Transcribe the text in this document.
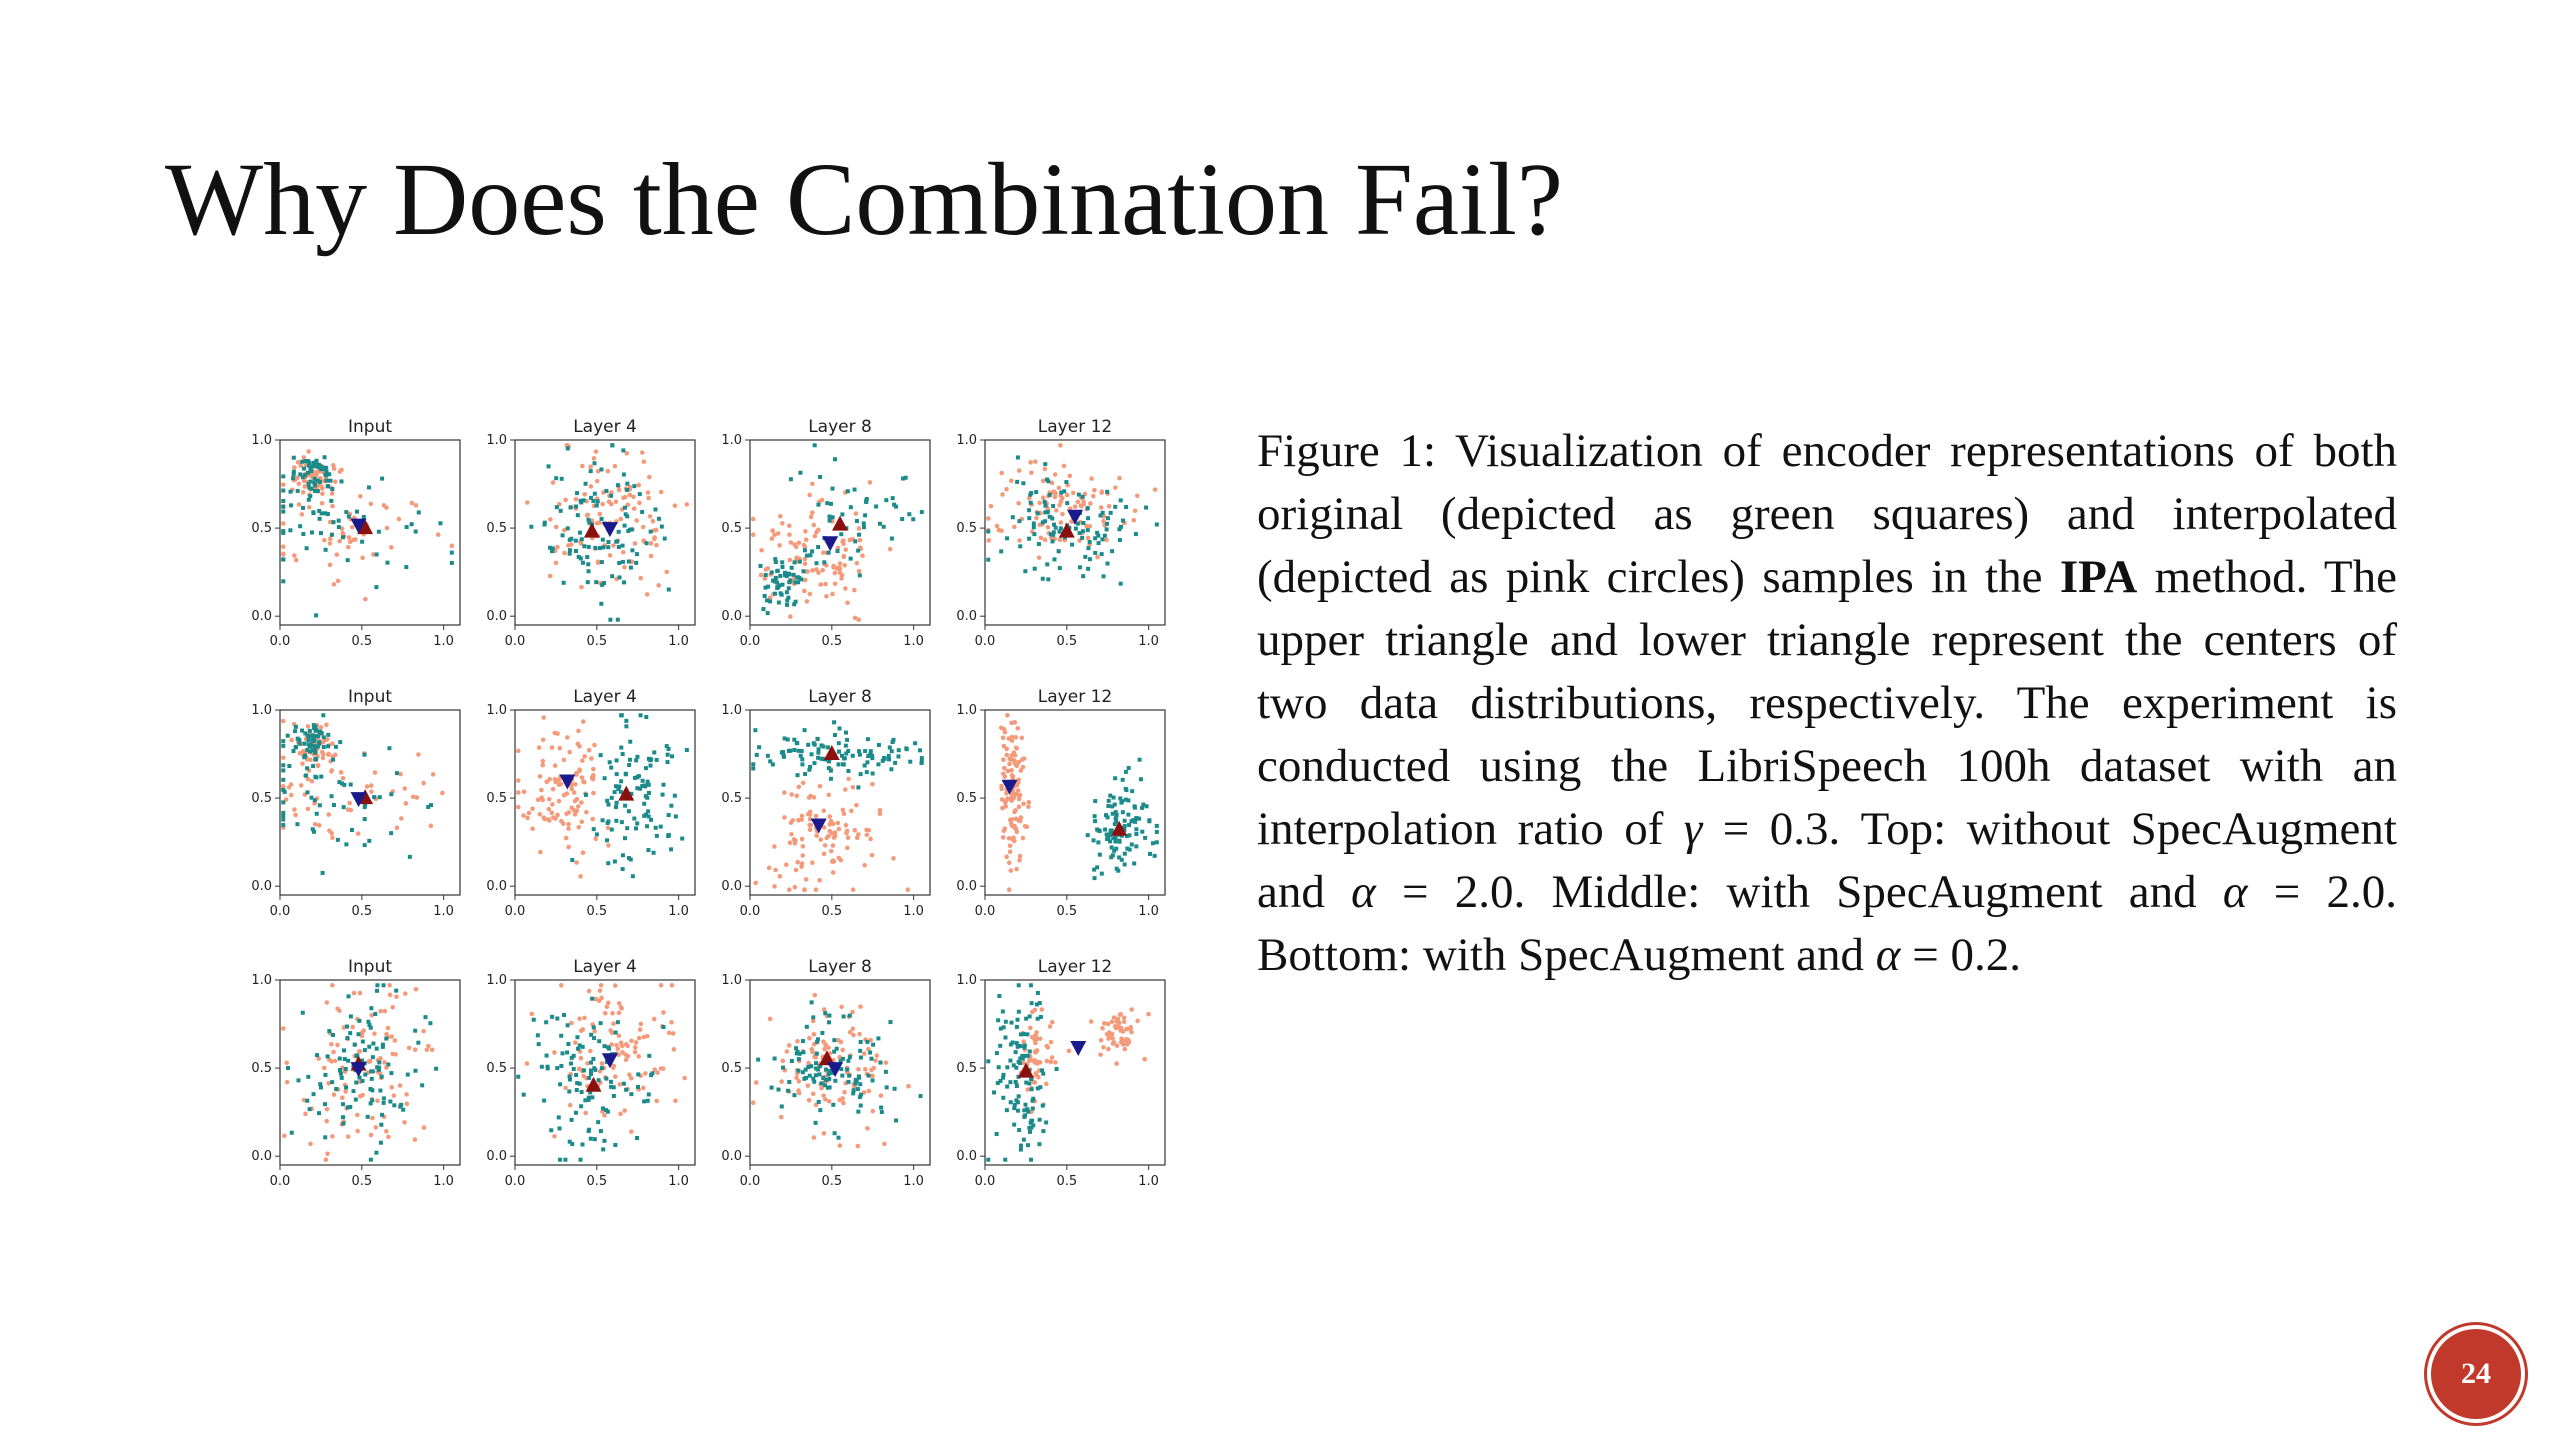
Why Does the Combination Fail?
Input
0.0
0.0
0.5
0.5
1.0
1.0
Layer 4
0.0
0.0
0.5
0.5
1.0
1.0
Layer 8
0.0
0.0
0.5
0.5
1.0
1.0
Layer 12
0.0
0.0
0.5
0.5
1.0
1.0
Input
0.0
0.0
0.5
0.5
1.0
1.0
Layer 4
0.0
0.0
0.5
0.5
1.0
1.0
Layer 8
0.0
0.0
0.5
0.5
1.0
1.0
Layer 12
0.0
0.0
0.5
0.5
1.0
1.0
Input
0.0
0.0
0.5
0.5
1.0
1.0
Layer 4
0.0
0.0
0.5
0.5
1.0
1.0
Layer 8
0.0
0.0
0.5
0.5
1.0
1.0
Layer 12
0.0
0.0
0.5
0.5
1.0
1.0
Figure 1: Visualization of encoder representations of both original (depicted as green squares) and interpolated (depicted as pink circles) samples in the IPA method. The upper triangle and lower triangle represent the centers of two data distributions, respectively. The experiment is conducted using the LibriSpeech 100h dataset with an interpolation ratio of γ = 0.3. Top: without SpecAugment and α = 2.0. Middle: with SpecAugment and α = 2.0. Bottom: with SpecAugment and α = 0.2.
24
